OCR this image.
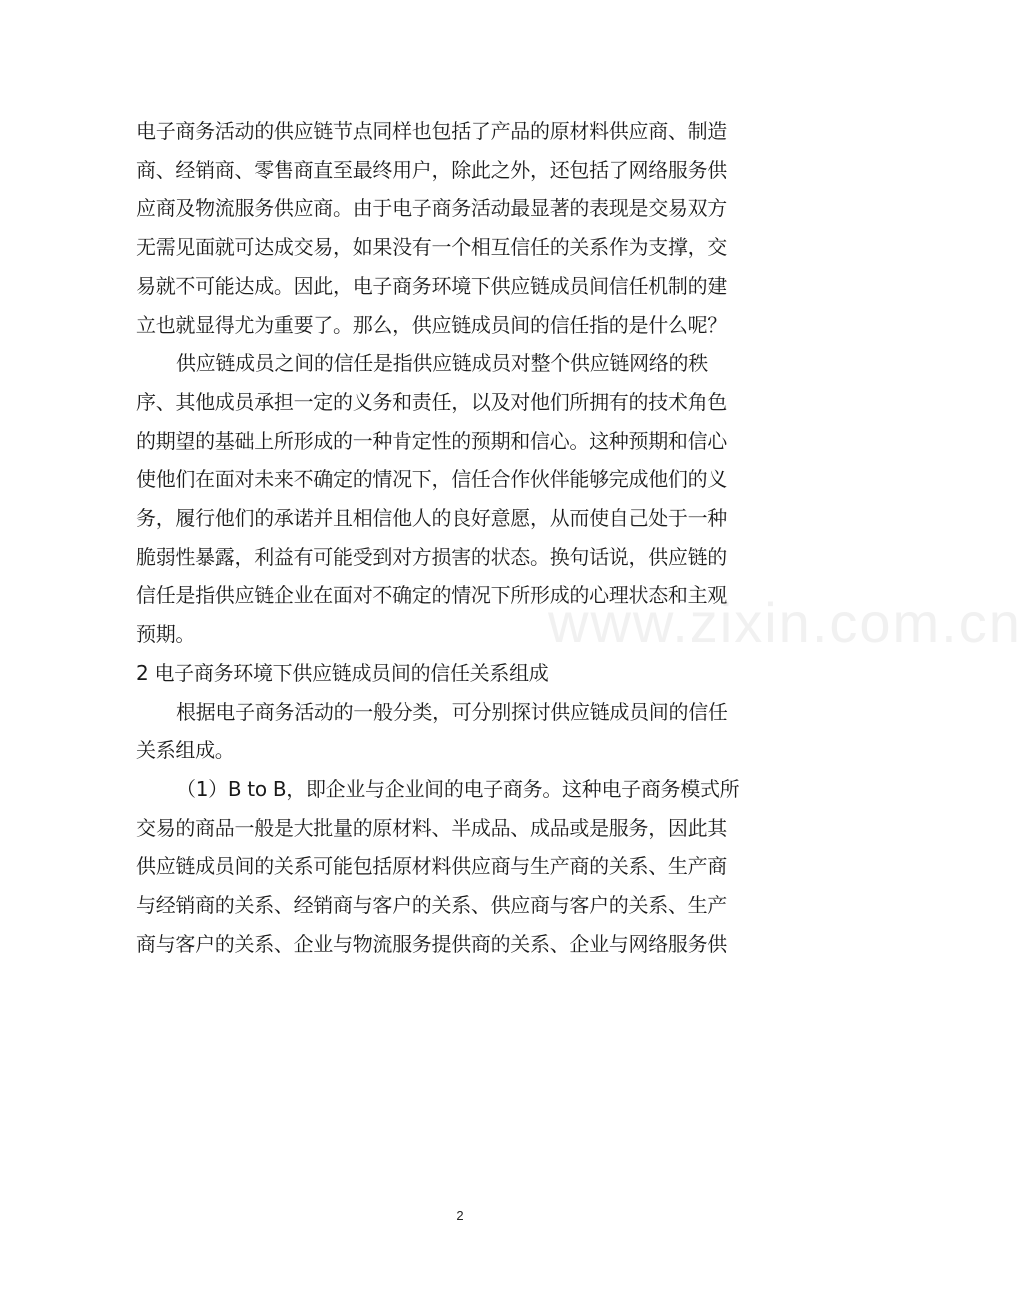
www.zixin.com.cn
电子商务活动的供应链节点同样也包括了产品的原材料供应商、制造
商、经销商、零售商直至最终用户，除此之外，还包括了网络服务供
应商及物流服务供应商。由于电子商务活动最显著的表现是交易双方
无需见面就可达成交易，如果没有一个相互信任的关系作为支撑，交
易就不可能达成。因此，电子商务环境下供应链成员间信任机制的建
立也就显得尤为重要了。那么，供应链成员间的信任指的是什么呢？
供应链成员之间的信任是指供应链成员对整个供应链网络的秩
序、其他成员承担一定的义务和责任，以及对他们所拥有的技术角色
的期望的基础上所形成的一种肯定性的预期和信心。这种预期和信心
使他们在面对未来不确定的情况下，信任合作伙伴能够完成他们的义
务，履行他们的承诺并且相信他人的良好意愿，从而使自己处于一种
脆弱性暴露，利益有可能受到对方损害的状态。换句话说，供应链的
信任是指供应链企业在面对不确定的情况下所形成的心理状态和主观
预期。
2 电子商务环境下供应链成员间的信任关系组成
根据电子商务活动的一般分类，可分别探讨供应链成员间的信任
关系组成。
（1）B to B，即企业与企业间的电子商务。这种电子商务模式所
交易的商品一般是大批量的原材料、半成品、成品或是服务，因此其
供应链成员间的关系可能包括原材料供应商与生产商的关系、生产商
与经销商的关系、经销商与客户的关系、供应商与客户的关系、生产
商与客户的关系、企业与物流服务提供商的关系、企业与网络服务供
2
